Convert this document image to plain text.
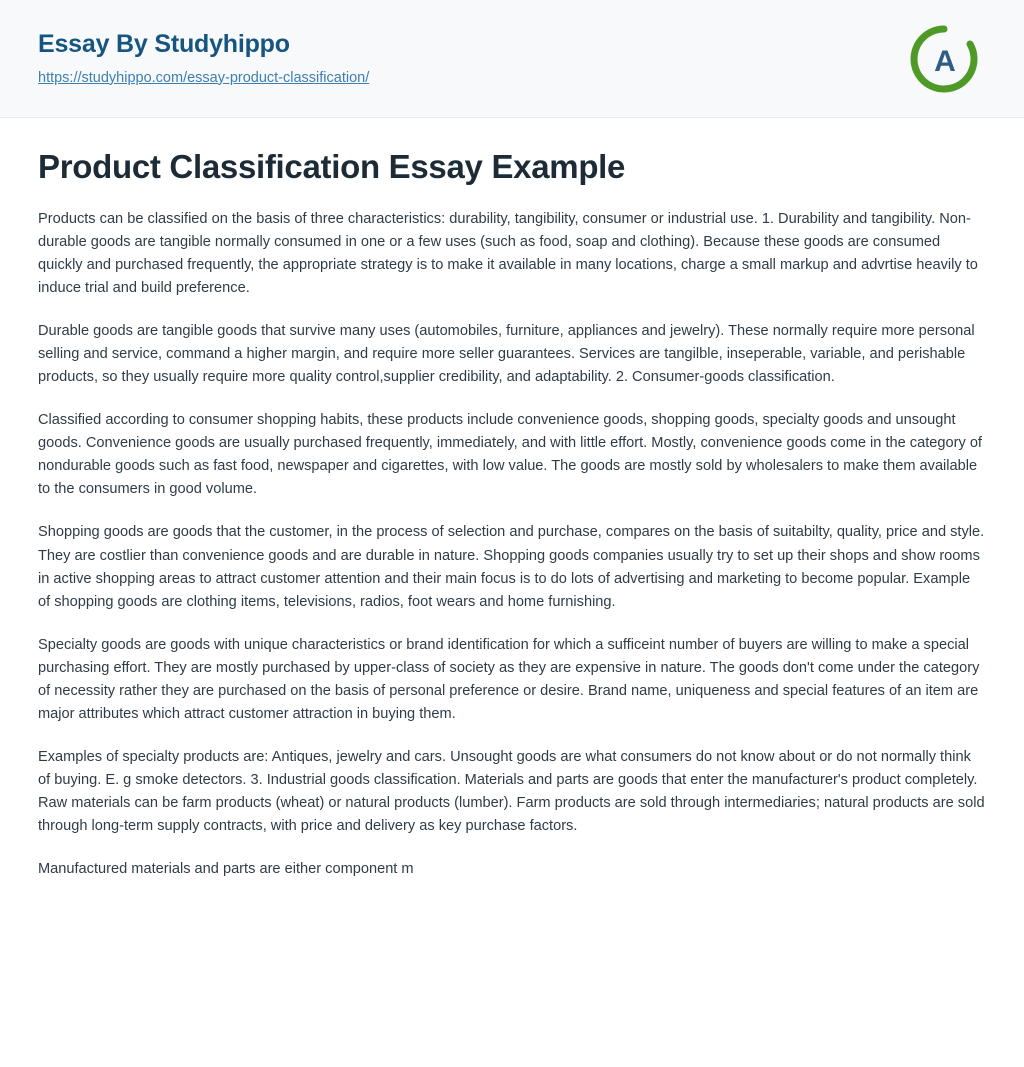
Essay By Studyhippo
https://studyhippo.com/essay-product-classification/
A
Product Classification Essay Example

Products can be classified on the basis of three characteristics: durability, tangibility, consumer or industrial use. 1. Durability and tangibility. Non-durable goods are tangible normally consumed in one or a few uses (such as food, soap and clothing). Because these goods are consumed quickly and purchased frequently, the appropriate strategy is to make it available in many locations, charge a small markup and advrtise heavily to induce trial and build preference.

Durable goods are tangible goods that survive many uses (automobiles, furniture, appliances and jewelry). These normally require more personal selling and service, command a higher margin, and require more seller guarantees. Services are tangilble, inseperable, variable, and perishable products, so they usually require more quality control,supplier credibility, and adaptability. 2. Consumer-goods classification.

Classified according to consumer shopping habits, these products include convenience goods, shopping goods, specialty goods and unsought goods. Convenience goods are usually purchased frequently, immediately, and with little effort. Mostly, convenience goods come in the category of nondurable goods such as fast food, newspaper and cigarettes, with low value. The goods are mostly sold by wholesalers to make them available to the consumers in good volume.

Shopping goods are goods that the customer, in the process of selection and purchase, compares on the basis of suitabilty, quality, price and style. They are costlier than convenience goods and are durable in nature. Shopping goods companies usually try to set up their shops and show rooms in active shopping areas to attract customer attention and their main focus is to do lots of advertising and marketing to become popular. Example of shopping goods are clothing items, televisions, radios, foot wears and home furnishing.

Specialty goods are goods with unique characteristics or brand identification for which a sufficeint number of buyers are willing to make a special purchasing effort. They are mostly purchased by upper-class of society as they are expensive in nature. The goods don't come under the category of necessity rather they are purchased on the basis of personal preference or desire. Brand name, uniqueness and special features of an item are major attributes which attract customer attraction in buying them.

Examples of specialty products are: Antiques, jewelry and cars. Unsought goods are what consumers do not know about or do not normally think of buying. E. g smoke detectors. 3. Industrial goods classification. Materials and parts are goods that enter the manufacturer's product completely. Raw materials can be farm products (wheat) or natural products (lumber). Farm products are sold through intermediaries; natural products are sold through long-term supply contracts, with price and delivery as key purchase factors.

Manufactured materials and parts are either component m
